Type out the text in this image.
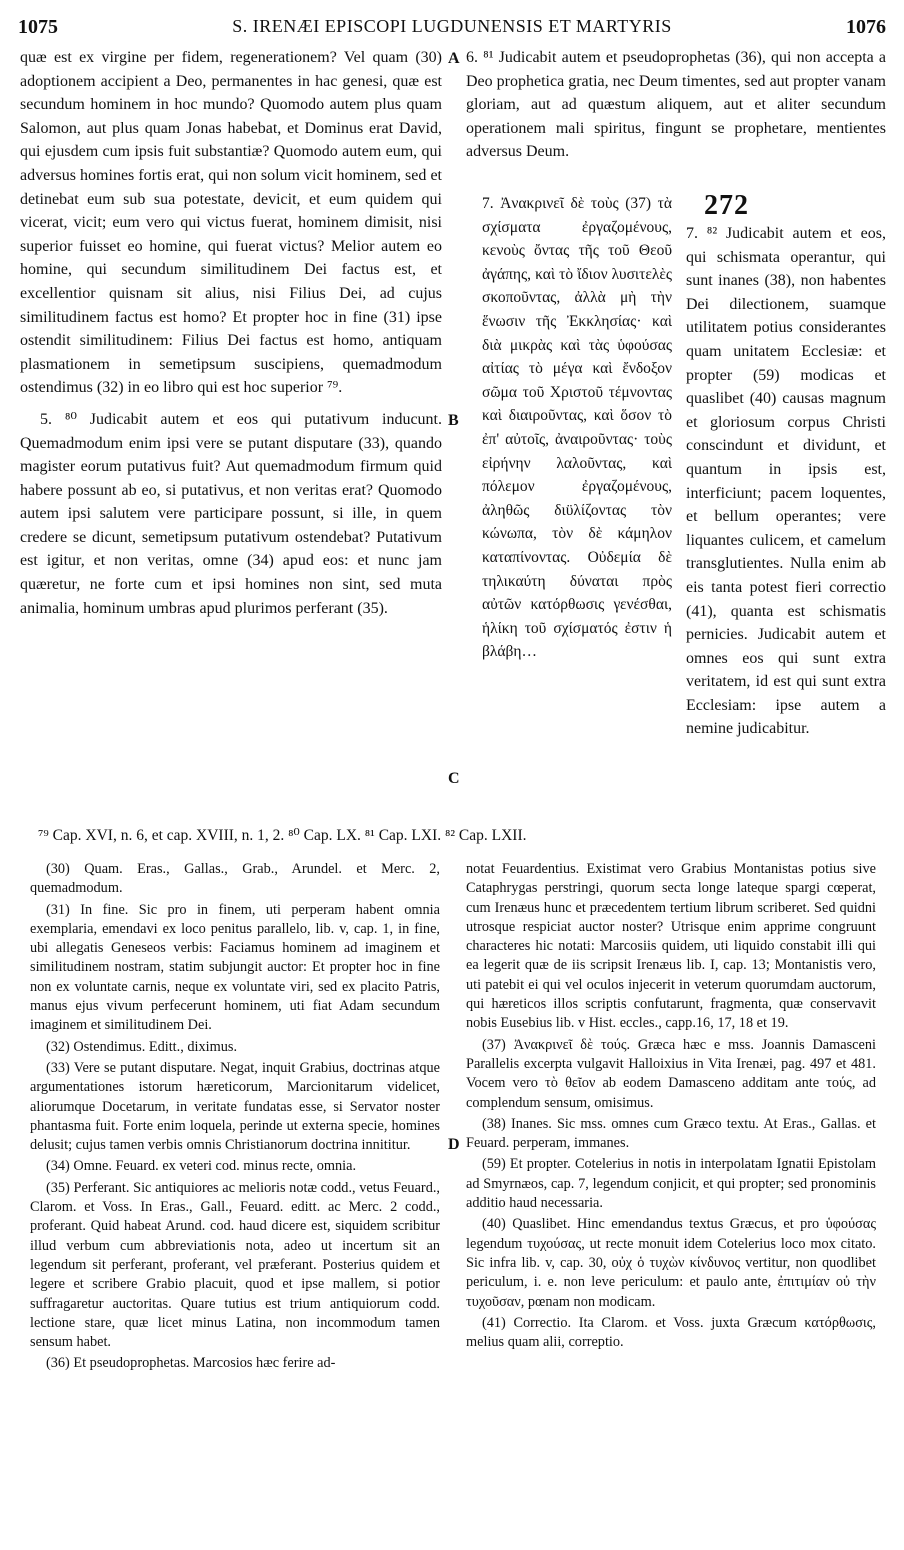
1075	S. IRENÆI EPISCOPI LUGDUNENSIS ET MARTYRIS	1076

quæ est ex virgine per fidem, regenerationem? Vel quam (30) adoptionem accipient a Deo, permanentes in hac genesi, quæ est secundum hominem in hoc mundo? Quomodo autem plus quam Salomon, aut plus quam Jonas habebat, et Dominus erat David, qui ejusdem cum ipsis fuit substantiæ? Quomodo autem eum, qui adversus homines fortis erat, qui non solum vicit hominem, sed et detinebat eum sub sua potestate, devicit, et eum quidem qui vicerat, vicit; eum vero qui victus fuerat, hominem dimisit, nisi superior fuisset eo homine, qui fuerat victus? Melior autem eo homine, qui secundum similitudinem Dei factus est, et excellentior quisnam sit alius, nisi Filius Dei, ad cujus similitudinem factus est homo? Et propter hoc in fine (31) ipse ostendit similitudinem: Filius Dei factus est homo, antiquam plasmationem in semetipsum suscipiens, quemadmodum ostendimus (32) in eo libro qui est hoc superior ⁷⁹.

5. ⁸⁰ Judicabit autem et eos qui putativum inducunt. Quemadmodum enim ipsi vere se putant disputare (33), quando magister eorum putativus fuit? Aut quemadmodum firmum quid habere possunt ab eo, si putativus, et non veritas erat? Quomodo autem ipsi salutem vere participare possunt, si ille, in quem credere se dicunt, semetipsum putativum ostendebat? Putativum est igitur, et non veritas, omne (34) apud eos: et nunc jam quæretur, ne forte cum et ipsi homines non sint, sed muta animalia, hominum umbras apud plurimos perferant (35).

A
B
C
D

6. ⁸¹ Judicabit autem et pseudoprophetas (36), qui non accepta a Deo prophetica gratia, nec Deum timentes, sed aut propter vanam gloriam, aut ad quæstum aliquem, aut et aliter secundum operationem mali spiritus, fingunt se prophetare, mentientes adversus Deum.

7. Ἀνακρινεῖ δὲ τοὺς (37) τὰ σχίσματα ἐργαζομένους, κενοὺς ὄντας τῆς τοῦ Θεοῦ ἀγάπης, καὶ τὸ ἴδιον λυσιτελὲς σκοποῦντας, ἀλλὰ μὴ τὴν ἕνωσιν τῆς Ἐκκλησίας· καὶ διὰ μικρὰς καὶ τὰς ὑφούσας αἰτίας τὸ μέγα καὶ ἔνδοξον σῶμα τοῦ Χριστοῦ τέμνοντας καὶ διαιροῦντας, καὶ ὅσον τὸ ἐπ' αὐτοῖς, ἀναιροῦντας· τοὺς εἰρήνην λαλοῦντας, καὶ πόλεμον ἐργαζομένους, ἀληθῶς διϋλίζοντας τὸν κώνωπα, τὸν δὲ κάμηλον καταπίνοντας. Οὐδεμία δὲ τηλικαύτη δύναται πρὸς αὐτῶν κατόρθωσις γενέσθαι, ἡλίκη τοῦ σχίσματός ἐστιν ἡ βλάβη…
272
7. ⁸² Judicabit autem et eos, qui schismata operantur, qui sunt inanes (38), non habentes Dei dilectionem, suamque utilitatem potius considerantes quam unitatem Ecclesiæ: et propter (59) modicas et quaslibet (40) causas magnum et gloriosum corpus Christi conscindunt et dividunt, et quantum in ipsis est, interficiunt; pacem loquentes, et bellum operantes; vere liquantes culicem, et camelum transglutientes. Nulla enim ab eis tanta potest fieri correctio (41), quanta est schismatis pernicies. Judicabit autem et omnes eos qui sunt extra veritatem, id est qui sunt extra Ecclesiam: ipse autem a nemine judicabitur.
⁷⁹ Cap. XVI, n. 6, et cap. XVIII, n. 1, 2. ⁸⁰ Cap. LX. ⁸¹ Cap. LXI. ⁸² Cap. LXII.

(30) Quam. Eras., Gallas., Grab., Arundel. et Merc. 2, quemadmodum.

(31) In fine. Sic pro in finem, uti perperam habent omnia exemplaria, emendavi ex loco penitus parallelo, lib. v, cap. 1, in fine, ubi allegatis Geneseos verbis: Faciamus hominem ad imaginem et similitudinem nostram, statim subjungit auctor: Et propter hoc in fine non ex voluntate carnis, neque ex voluntate viri, sed ex placito Patris, manus ejus vivum perfecerunt hominem, uti fiat Adam secundum imaginem et similitudinem Dei.

(32) Ostendimus. Editt., diximus.

(33) Vere se putant disputare. Negat, inquit Grabius, doctrinas atque argumentationes istorum hæreticorum, Marcionitarum videlicet, aliorumque Docetarum, in veritate fundatas esse, si Servator noster phantasma fuit. Forte enim loquela, perinde ut externa specie, homines delusit; cujus tamen verbis omnis Christianorum doctrina innititur.

(34) Omne. Feuard. ex veteri cod. minus recte, omnia.

(35) Perferant. Sic antiquiores ac melioris notæ codd., vetus Feuard., Clarom. et Voss. In Eras., Gall., Feuard. editt. ac Merc. 2 codd., proferant. Quid habeat Arund. cod. haud dicere est, siquidem scribitur illud verbum cum abbreviationis nota, adeo ut incertum sit an legendum sit perferant, proferant, vel præferant. Posterius quidem et legere et scribere Grabio placuit, quod et ipse mallem, si potior suffragaretur auctoritas. Quare tutius est trium antiquiorum codd. lectione stare, quæ licet minus Latina, non incommodum tamen sensum habet.

(36) Et pseudoprophetas. Marcosios hæc ferire ad-

notat Feuardentius. Existimat vero Grabius Montanistas potius sive Cataphrygas perstringi, quorum secta longe lateque spargi cœperat, cum Irenæus hunc et præcedentem tertium librum scriberet. Sed quidni utrosque respiciat auctor noster? Utrisque enim apprime congruunt characteres hic notati: Marcosiis quidem, uti liquido constabit illi qui ea legerit quæ de iis scripsit Irenæus lib. I, cap. 13; Montanistis vero, uti patebit ei qui vel oculos injecerit in veterum quorumdam auctorum, qui hæreticos illos scriptis confutarunt, fragmenta, quæ conservavit nobis Eusebius lib. v Hist. eccles., capp.16, 17, 18 et 19.

(37) Ἀνακρινεῖ δὲ τούς. Græca hæc e mss. Joannis Damasceni Parallelis excerpta vulgavit Halloixius in Vita Irenæi, pag. 497 et 481. Vocem vero τὸ θεῖον ab eodem Damasceno additam ante τούς, ad complendum sensum, omisimus.

(38) Inanes. Sic mss. omnes cum Græco textu. At Eras., Gallas. et Feuard. perperam, immanes.

(59) Et propter. Cotelerius in notis in interpolatam Ignatii Epistolam ad Smyrnæos, cap. 7, legendum conjicit, et qui propter; sed pronominis additio haud necessaria.

(40) Quaslibet. Hinc emendandus textus Græcus, et pro ὑφούσας legendum τυχούσας, ut recte monuit idem Cotelerius loco mox citato. Sic infra lib. v, cap. 30, οὐχ ὁ τυχὼν κίνδυνος vertitur, non quodlibet periculum, i. e. non leve periculum: et paulo ante, ἐπιτιμίαν οὐ τὴν τυχοῦσαν, pœnam non modicam.

(41) Correctio. Ita Clarom. et Voss. juxta Græcum κατόρθωσις, melius quam alii, correptio.
